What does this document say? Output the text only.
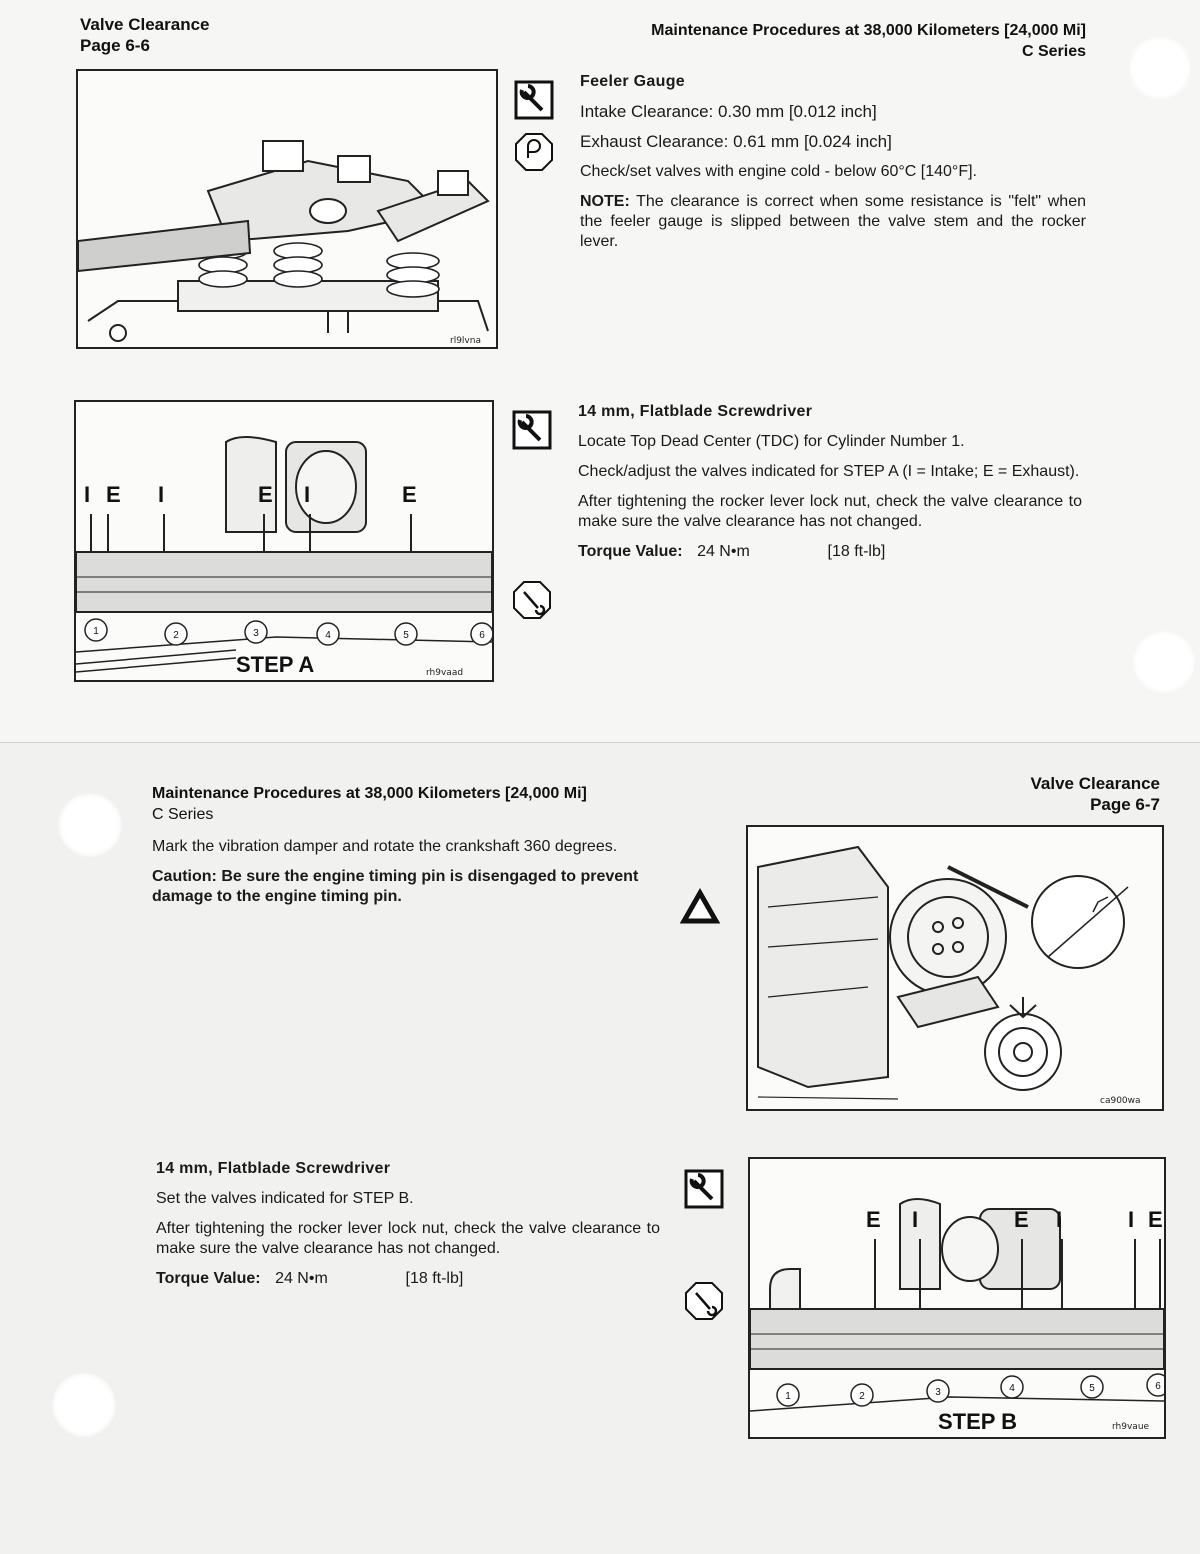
Valve Clearance
Page 6-6
Maintenance Procedures at 38,000 Kilometers [24,000 Mi]
C Series
rl9lvna

Feeler Gauge

Intake Clearance: 0.30 mm [0.012 inch]

Exhaust Clearance: 0.61 mm [0.024 inch]

Check/set valves with engine cold - below 60°C [140°F].

NOTE: The clearance is correct when some resistance is "felt" when the feeler gauge is slipped between the valve stem and the rocker lever.

I E I	E I	E
1	2	3	4	5	6
STEP A	rh9vaad

14 mm, Flatblade Screwdriver

Locate Top Dead Center (TDC) for Cylinder Number 1.

Check/adjust the valves indicated for STEP A (I = Intake; E = Exhaust).

After tightening the rocker lever lock nut, check the valve clearance to make sure the valve clearance has not changed.

Torque Value: 24 N•m	[18 ft-lb]

Maintenance Procedures at 38,000 Kilometers [24,000 Mi]
C Series
Valve Clearance
Page 6-7

Mark the vibration damper and rotate the crankshaft 360 degrees.

Caution: Be sure the engine timing pin is disengaged to prevent damage to the engine timing pin.

ca900wa

14 mm, Flatblade Screwdriver

Set the valves indicated for STEP B.

After tightening the rocker lever lock nut, check the valve clearance to make sure the valve clearance has not changed.

Torque Value: 24 N•m	[18 ft-lb]

E I	E I	I E
1	2	3	4	5	6
STEP B	rh9vaue
